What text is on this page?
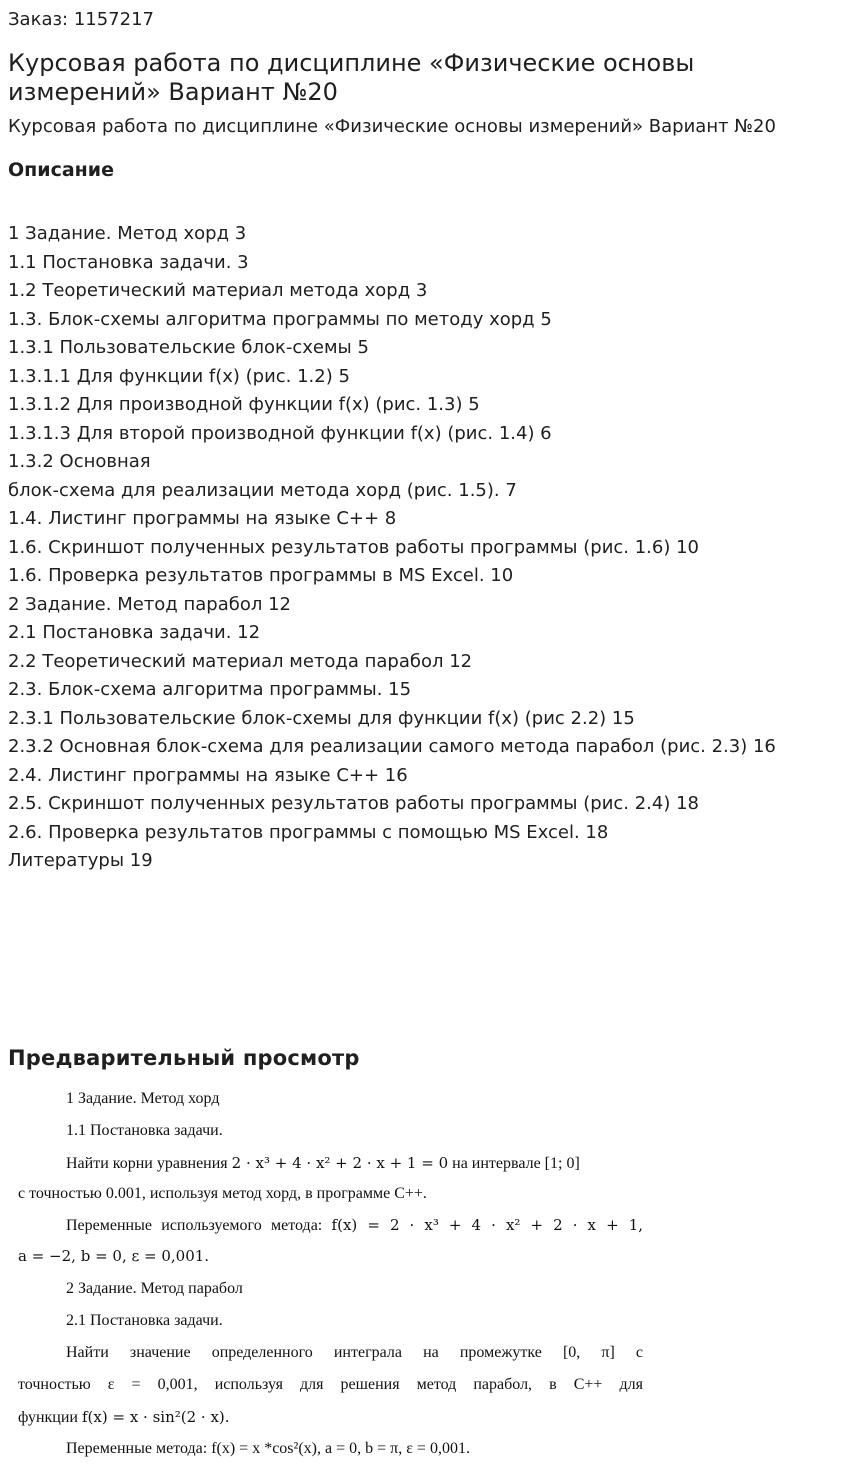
Заказ: 1157217
Курсовая работа по дисциплине «Физические основы измерений» Вариант №20
Курсовая работа по дисциплине «Физические основы измерений» Вариант №20
Описание
1 Задание. Метод хорд 3
1.1 Постановка задачи. 3
1.2 Теоретический материал метода хорд 3
1.3. Блок-схемы алгоритма программы по методу хорд 5
1.3.1 Пользовательские блок-схемы 5
1.3.1.1 Для функции f(x) (рис. 1.2) 5
1.3.1.2 Для производной функции f(x) (рис. 1.3) 5
1.3.1.3 Для второй производной функции f(x) (рис. 1.4) 6
1.3.2 Основная
блок-схема для реализации метода хорд (рис. 1.5). 7
1.4. Листинг программы на языке С++ 8
1.6. Скриншот полученных результатов работы программы (рис. 1.6) 10
1.6. Проверка результатов программы в MS Excel. 10
2 Задание. Метод парабол 12
2.1 Постановка задачи. 12
2.2 Теоретический материал метода парабол 12
2.3. Блок-схема алгоритма программы. 15
2.3.1 Пользовательские блок-схемы для функции f(x) (рис 2.2) 15
2.3.2 Основная блок-схема для реализации самого метода парабол (рис. 2.3) 16
2.4. Листинг программы на языке С++ 16
2.5. Скриншот полученных результатов работы программы (рис. 2.4) 18
2.6. Проверка результатов программы с помощью MS Excel. 18
Литературы 19
Предварительный просмотр
1 Задание. Метод хорд
1.1 Постановка задачи.
Найти корни уравнения 2 · x³ + 4 · x² + 2 · x + 1 = 0 на интервале [1; 0]
с точностью 0.001, используя метод хорд, в программе С++.
Переменные используемого метода: f(x) = 2 · x³ + 4 · x² + 2 · x + 1,
a = −2, b = 0, ε = 0,001.
2 Задание. Метод парабол
2.1 Постановка задачи.
Найти значение определенного интеграла на промежутке [0, π] с
точностью ε = 0,001, используя для решения метод парабол, в С++ для
функции f(x) = x · sin²(2 · x).
Переменные метода: f(x) = x *cos²(x), a = 0, b = π, ε = 0,001.
